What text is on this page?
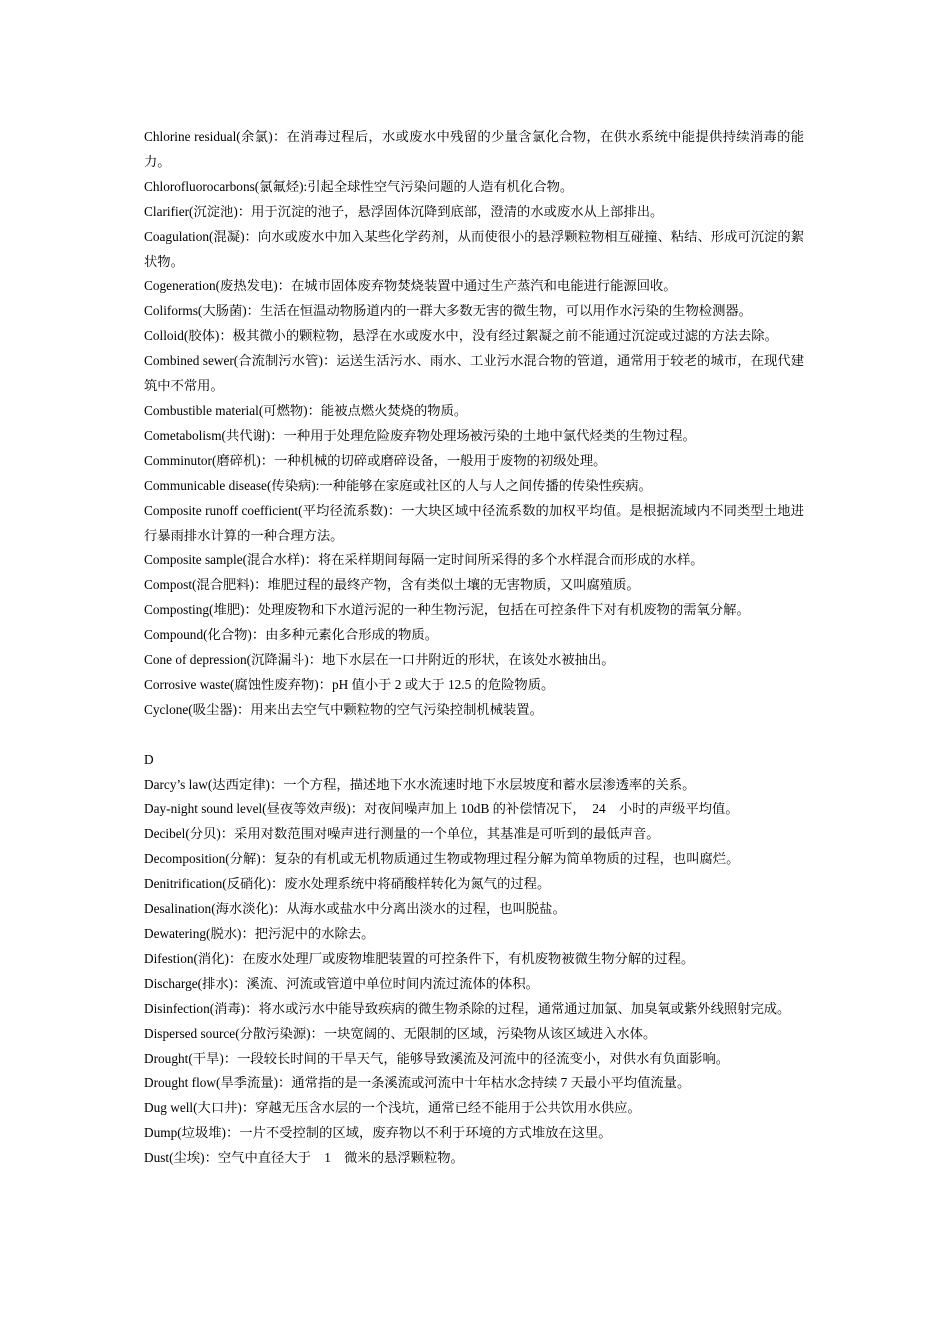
Chlorine residual(余氯)：在消毒过程后，水或废水中残留的少量含氯化合物，在供水系统中能提供持续消毒的能力。

Chlorofluorocarbons(氯氟烃):引起全球性空气污染问题的人造有机化合物。

Clarifier(沉淀池)：用于沉淀的池子，悬浮固体沉降到底部，澄清的水或废水从上部排出。

Coagulation(混凝)：向水或废水中加入某些化学药剂，从而使很小的悬浮颗粒物相互碰撞、粘结、形成可沉淀的絮状物。

Cogeneration(废热发电)：在城市固体废弃物焚烧装置中通过生产蒸汽和电能进行能源回收。

Coliforms(大肠菌)：生活在恒温动物肠道内的一群大多数无害的微生物，可以用作水污染的生物检测器。

Colloid(胶体)：极其微小的颗粒物，悬浮在水或废水中，没有经过絮凝之前不能通过沉淀或过滤的方法去除。

Combined sewer(合流制污水管)：运送生活污水、雨水、工业污水混合物的管道，通常用于较老的城市，在现代建筑中不常用。

Combustible material(可燃物)：能被点燃火焚烧的物质。

Cometabolism(共代谢)：一种用于处理危险废弃物处理场被污染的土地中氯代烃类的生物过程。

Comminutor(磨碎机)：一种机械的切碎或磨碎设备，一般用于废物的初级处理。

Communicable disease(传染病):一种能够在家庭或社区的人与人之间传播的传染性疾病。

Composite runoff coefficient(平均径流系数)：一大块区域中径流系数的加权平均值。是根据流域内不同类型土地进行暴雨排水计算的一种合理方法。

Composite sample(混合水样)：将在采样期间每隔一定时间所采得的多个水样混合而形成的水样。

Compost(混合肥料)：堆肥过程的最终产物，含有类似土壤的无害物质，又叫腐殖质。

Composting(堆肥)：处理废物和下水道污泥的一种生物污泥，包括在可控条件下对有机废物的需氧分解。

Compound(化合物)：由多种元素化合形成的物质。

Cone of depression(沉降漏斗)：地下水层在一口井附近的形状，在该处水被抽出。

Corrosive waste(腐蚀性废弃物)：pH 值小于 2 或大于 12.5 的危险物质。

Cyclone(吸尘器)：用来出去空气中颗粒物的空气污染控制机械装置。

D

Darcy’s law(达西定律)：一个方程，描述地下水水流速时地下水层坡度和蓄水层渗透率的关系。

Day-night sound level(昼夜等效声级)：对夜间噪声加上 10dB 的补偿情况下，　24　小时的声级平均值。

Decibel(分贝)：采用对数范围对噪声进行测量的一个单位，其基准是可听到的最低声音。

Decomposition(分解)：复杂的有机或无机物质通过生物或物理过程分解为简单物质的过程，也叫腐烂。

Denitrification(反硝化)：废水处理系统中将硝酸样转化为氮气的过程。

Desalination(海水淡化)：从海水或盐水中分离出淡水的过程，也叫脱盐。

Dewatering(脱水)：把污泥中的水除去。

Difestion(消化)：在废水处理厂或废物堆肥装置的可控条件下，有机废物被微生物分解的过程。

Discharge(排水)：溪流、河流或管道中单位时间内流过流体的体积。

Disinfection(消毒)：将水或污水中能导致疾病的微生物杀除的过程，通常通过加氯、加臭氧或紫外线照射完成。

Dispersed source(分散污染源)：一块宽阔的、无限制的区域，污染物从该区域进入水体。

Drought(干旱)：一段较长时间的干旱天气，能够导致溪流及河流中的径流变小，对供水有负面影响。

Drought flow(旱季流量)：通常指的是一条溪流或河流中十年枯水念持续 7 天最小平均值流量。

Dug well(大口井)：穿越无压含水层的一个浅坑，通常已经不能用于公共饮用水供应。

Dump(垃圾堆)：一片不受控制的区域，废弃物以不利于环境的方式堆放在这里。

Dust(尘埃)：空气中直径大于　1　微米的悬浮颗粒物。
